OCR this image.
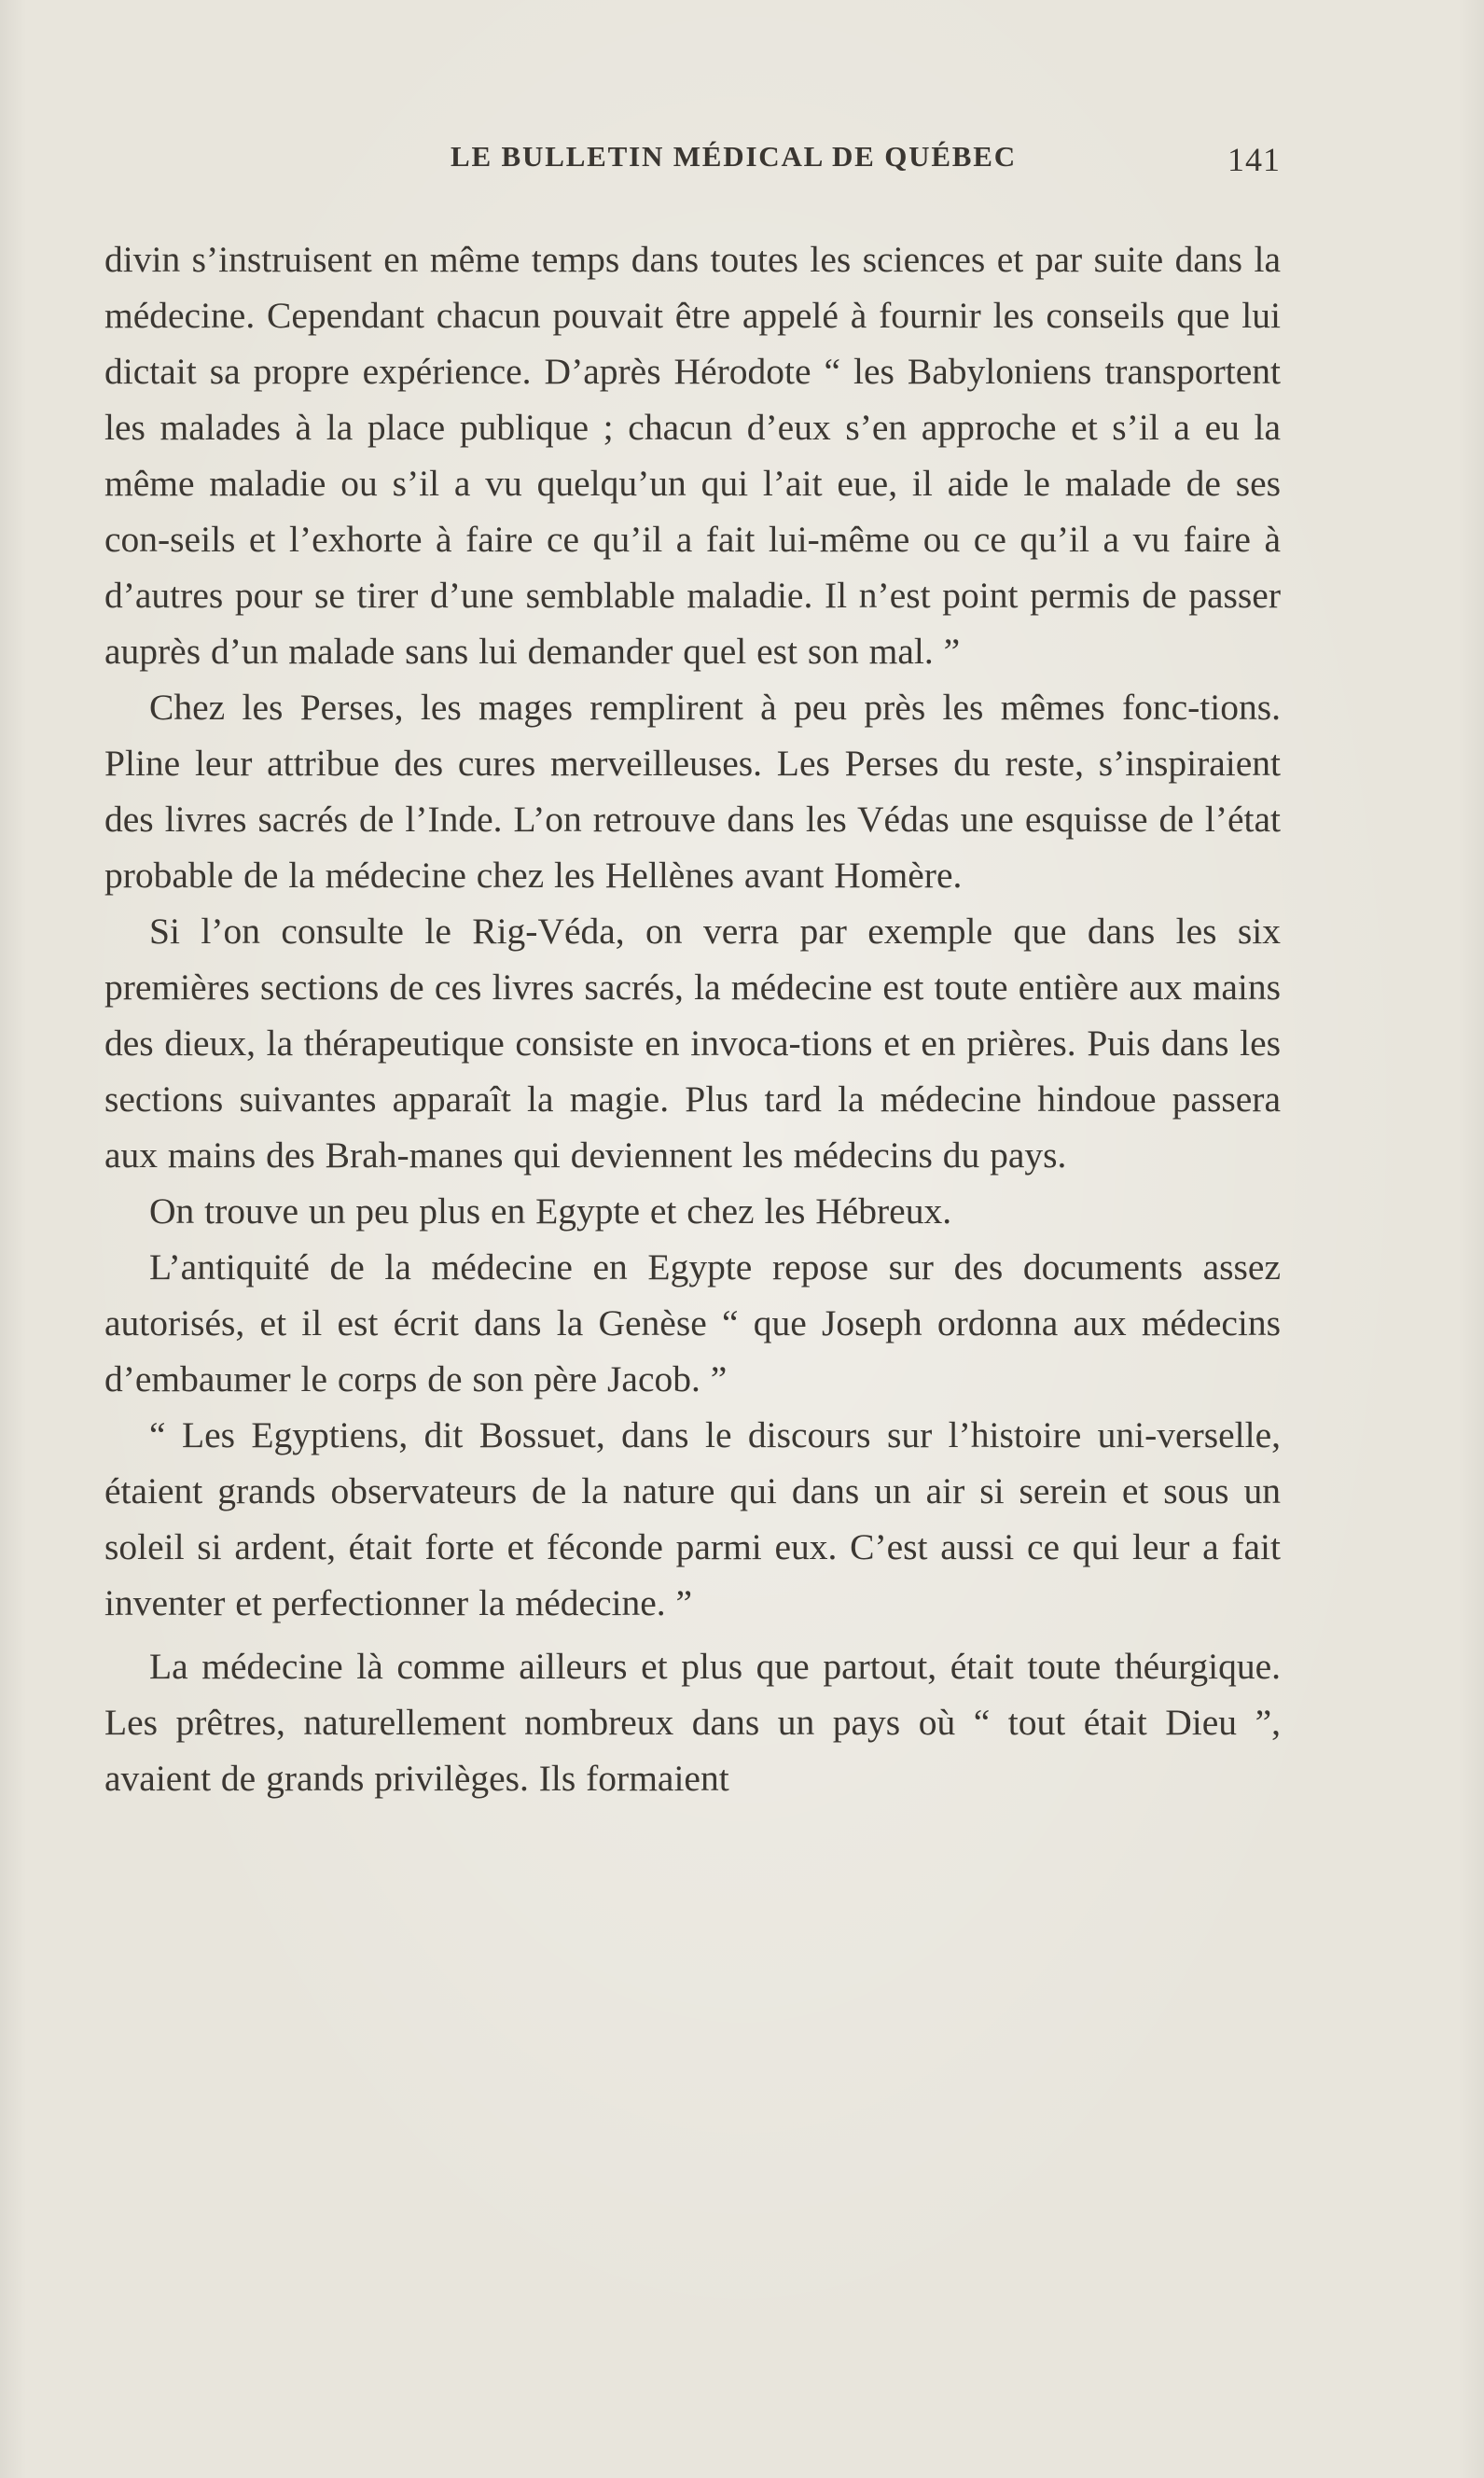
LE BULLETIN MÉDICAL DE QUÉBEC	141

divin s’instruisent en même temps dans toutes les sciences et par suite dans la médecine. Cependant chacun pouvait être appelé à fournir les conseils que lui dictait sa propre expérience. D’après Hérodote “ les Babyloniens transportent les malades à la place publique ; chacun d’eux s’en approche et s’il a eu la même maladie ou s’il a vu quelqu’un qui l’ait eue, il aide le malade de ses con-seils et l’exhorte à faire ce qu’il a fait lui-même ou ce qu’il a vu faire à d’autres pour se tirer d’une semblable maladie. Il n’est point permis de passer auprès d’un malade sans lui demander quel est son mal. ”

Chez les Perses, les mages remplirent à peu près les mêmes fonc-tions. Pline leur attribue des cures merveilleuses. Les Perses du reste, s’inspiraient des livres sacrés de l’Inde. L’on retrouve dans les Védas une esquisse de l’état probable de la médecine chez les Hellènes avant Homère.

Si l’on consulte le Rig-Véda, on verra par exemple que dans les six premières sections de ces livres sacrés, la médecine est toute entière aux mains des dieux, la thérapeutique consiste en invoca-tions et en prières. Puis dans les sections suivantes apparaît la magie. Plus tard la médecine hindoue passera aux mains des Brah-manes qui deviennent les médecins du pays.

On trouve un peu plus en Egypte et chez les Hébreux.

L’antiquité de la médecine en Egypte repose sur des documents assez autorisés, et il est écrit dans la Genèse “ que Joseph ordonna aux médecins d’embaumer le corps de son père Jacob. ”

“ Les Egyptiens, dit Bossuet, dans le discours sur l’histoire uni-verselle, étaient grands observateurs de la nature qui dans un air si serein et sous un soleil si ardent, était forte et féconde parmi eux. C’est aussi ce qui leur a fait inventer et perfectionner la médecine. ”

La médecine là comme ailleurs et plus que partout, était toute théurgique. Les prêtres, naturellement nombreux dans un pays où “ tout était Dieu ”, avaient de grands privilèges. Ils formaient
